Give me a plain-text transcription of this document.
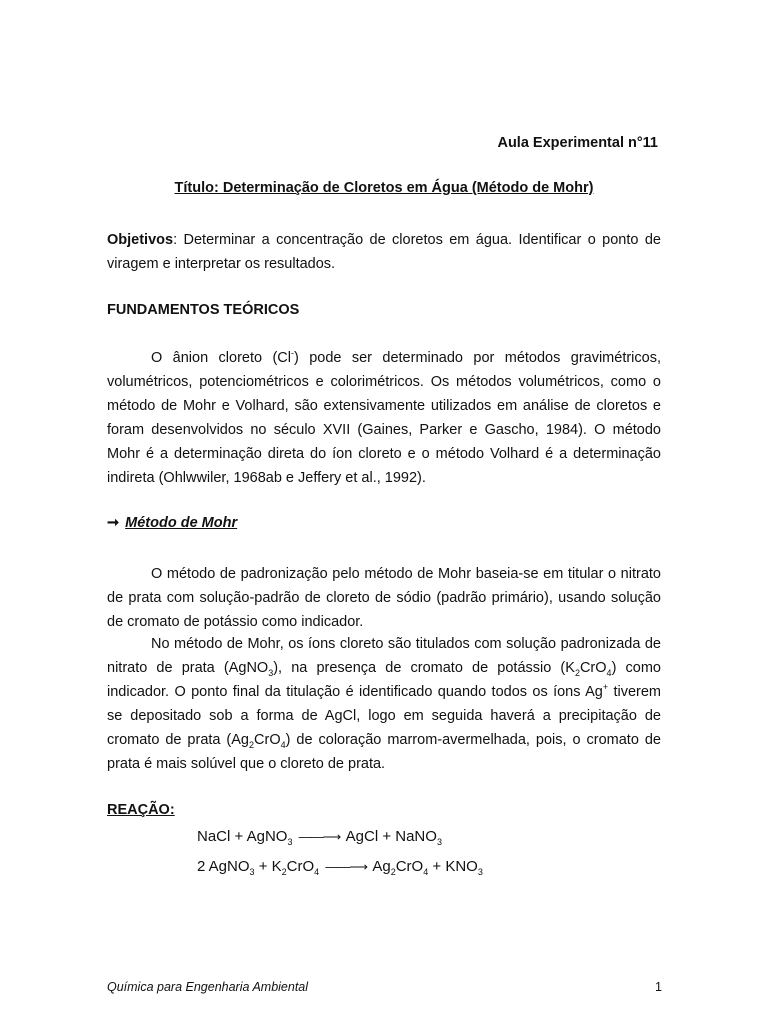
Aula Experimental n°11
Título: Determinação de Cloretos em Água (Método de Mohr)

Objetivos: Determinar a concentração de cloretos em água. Identificar o ponto de viragem e interpretar os resultados.

FUNDAMENTOS TEÓRICOS

O ânion cloreto (Cl-) pode ser determinado por métodos gravimétricos, volumétricos, potenciométricos e colorimétricos. Os métodos volumétricos, como o método de Mohr e Volhard, são extensivamente utilizados em análise de cloretos e foram desenvolvidos no século XVII (Gaines, Parker e Gascho, 1984). O método Mohr é a determinação direta do íon cloreto e o método Volhard é a determinação indireta (Ohlwwiler, 1968ab e Jeffery et al., 1992).

➞ Método de Mohr

O método de padronização pelo método de Mohr baseia-se em titular o nitrato de prata com solução-padrão de cloreto de sódio (padrão primário), usando solução de cromato de potássio como indicador.

No método de Mohr, os íons cloreto são titulados com solução padronizada de nitrato de prata (AgNO$_3$), na presença de cromato de potássio $(K_2CrO_4)$ como indicador. O ponto final da titulação é identificado quando todos os íons Ag+ tiverem se depositado sob a forma de AgCl, logo em seguida haverá a precipitação de cromato de prata $(Ag_2CrO_4)$ de coloração marrom-avermelhada, pois, o cromato de prata é mais solúvel que o cloreto de prata.

REAÇÃO:
NaCl + AgNO$_3$ ——⟶ AgCl + NaNO$_3$
2 AgNO$_3$ + $K_2CrO_4$ ——⟶ $Ag_2CrO_4 + KNO_3$
Química para Engenharia Ambiental	1
